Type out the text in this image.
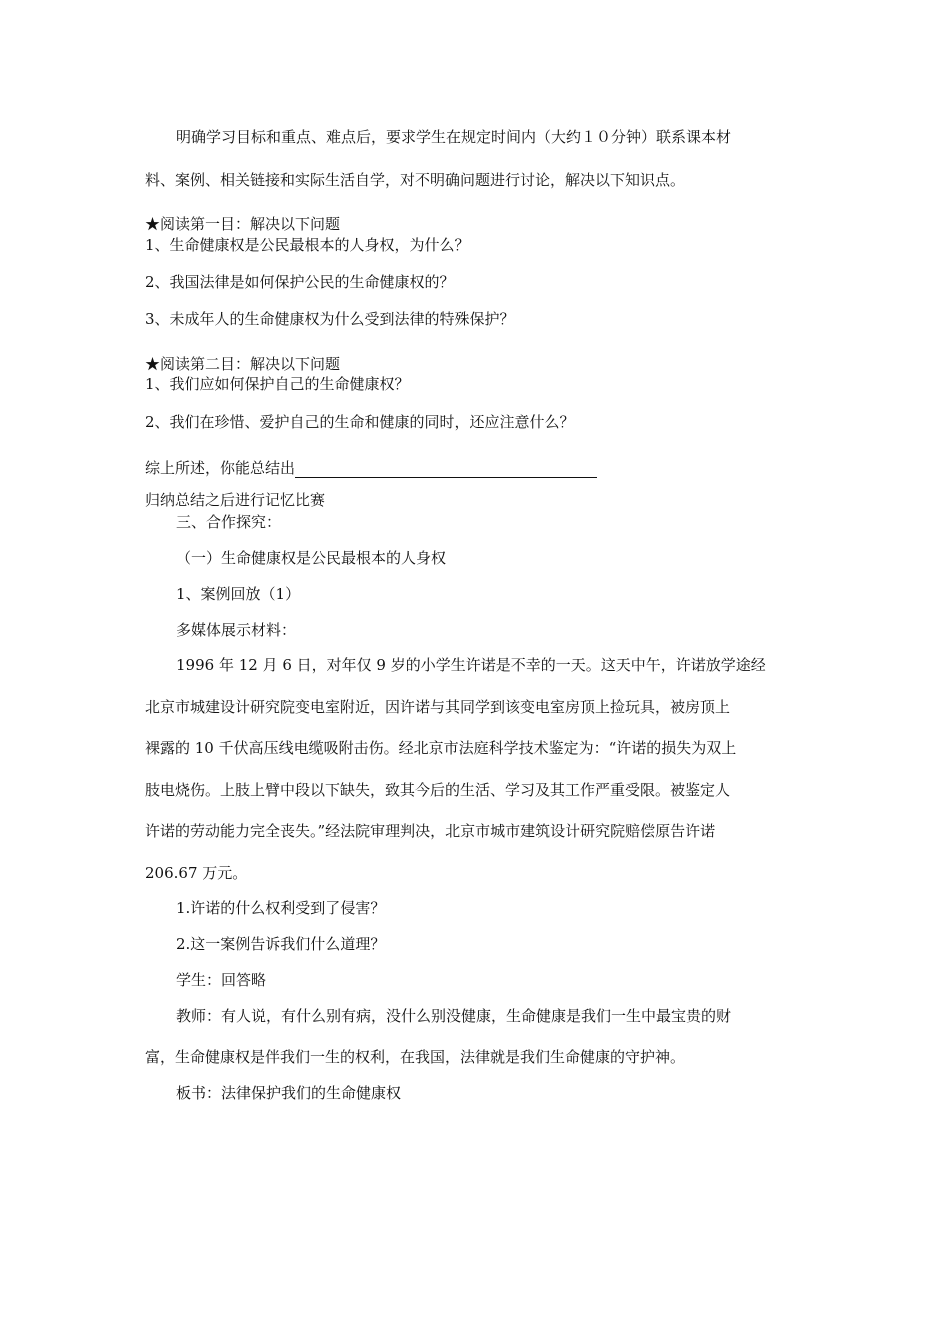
明确学习目标和重点、难点后，要求学生在规定时间内（大约１０分钟）联系课本材
料、案例、相关链接和实际生活自学，对不明确问题进行讨论，解决以下知识点。
★阅读第一目：解决以下问题
1、生命健康权是公民最根本的人身权，为什么？
2、我国法律是如何保护公民的生命健康权的？
3、未成年人的生命健康权为什么受到法律的特殊保护？
★阅读第二目：解决以下问题
1、我们应如何保护自己的生命健康权？
2、我们在珍惜、爱护自己的生命和健康的同时，还应注意什么？
综上所述，你能总结出
归纳总结之后进行记忆比赛
三、合作探究：
（一）生命健康权是公民最根本的人身权
1、案例回放（1）
多媒体展示材料：
1996 年 12 月 6 日，对年仅 9 岁的小学生许诺是不幸的一天。这天中午，许诺放学途经
北京市城建设计研究院变电室附近，因许诺与其同学到该变电室房顶上捡玩具，被房顶上
裸露的 10 千伏高压线电缆吸附击伤。经北京市法庭科学技术鉴定为：“许诺的损失为双上
肢电烧伤。上肢上臂中段以下缺失，致其今后的生活、学习及其工作严重受限。被鉴定人
许诺的劳动能力完全丧失。”经法院审理判决，北京市城市建筑设计研究院赔偿原告许诺
206.67 万元。
1.许诺的什么权利受到了侵害？
2.这一案例告诉我们什么道理？
学生：回答略
教师：有人说，有什么别有病，没什么别没健康，生命健康是我们一生中最宝贵的财
富，生命健康权是伴我们一生的权利，在我国，法律就是我们生命健康的守护神。
板书：法律保护我们的生命健康权
